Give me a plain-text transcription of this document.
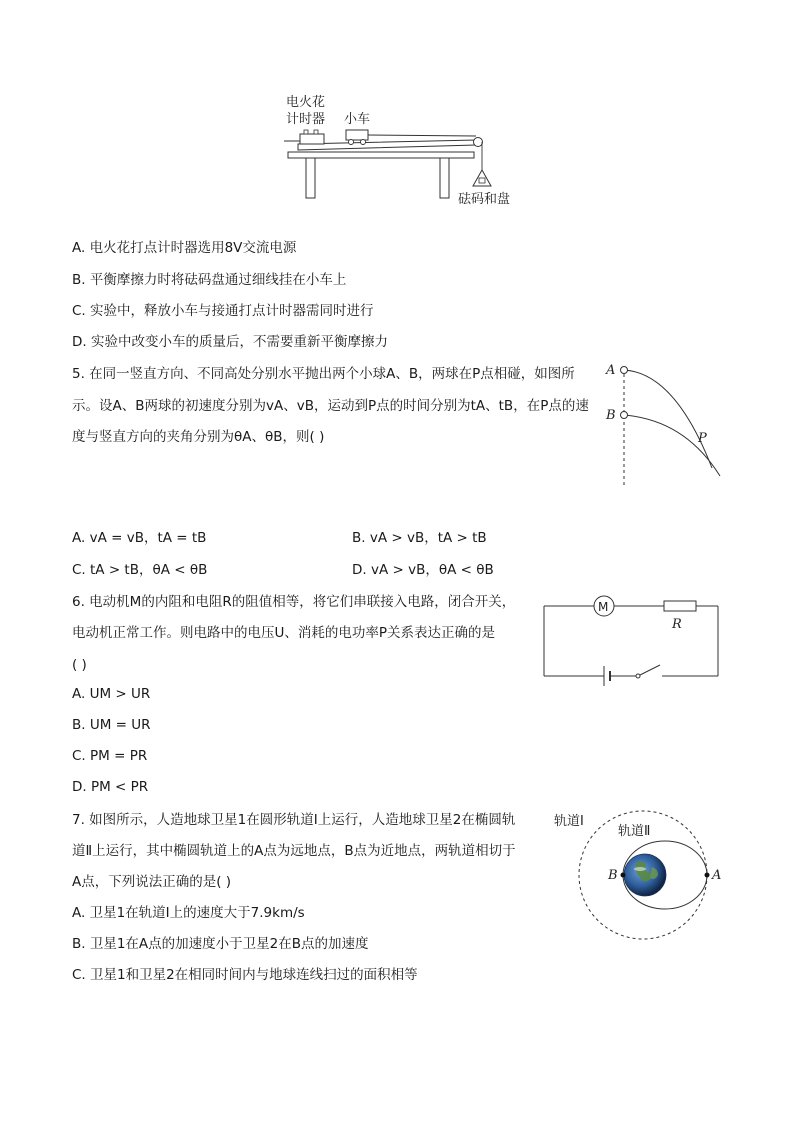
电火花
计时器 小车
砝码和盘
A. 电火花打点计时器选用8V交流电源
B. 平衡摩擦力时将砝码盘通过细线挂在小车上
C. 实验中，释放小车与接通打点计时器需同时进行
D. 实验中改变小车的质量后，不需要重新平衡摩擦力
5. 在同一竖直方向、不同高处分别水平抛出两个小球A、B，两球在P点相碰，如图所
示。设A、B两球的初速度分别为vA、vB，运动到P点的时间分别为tA、tB，在P点的速
度与竖直方向的夹角分别为θA、θB，则( )
A
B
P
A. vA = vB，tA = tB	B. vA > vB，tA > tB
C. tA > tB，θA < θB	D. vA > vB，θA < θB
6. 电动机M的内阻和电阻R的阻值相等，将它们串联接入电路，闭合开关，
电动机正常工作。则电路中的电压U、消耗的电功率P关系表达正确的是
( )
M
R
A. UM > UR
B. UM = UR
C. PM = PR
D. PM < PR
7. 如图所示，人造地球卫星1在圆形轨道Ⅰ上运行，人造地球卫星2在椭圆轨
道Ⅱ上运行，其中椭圆轨道上的A点为远地点，B点为近地点，两轨道相切于
A点，下列说法正确的是( )
轨道Ⅰ
轨道Ⅱ
B	A
A. 卫星1在轨道Ⅰ上的速度大于7.9km/s
B. 卫星1在A点的加速度小于卫星2在B点的加速度
C. 卫星1和卫星2在相同时间内与地球连线扫过的面积相等
